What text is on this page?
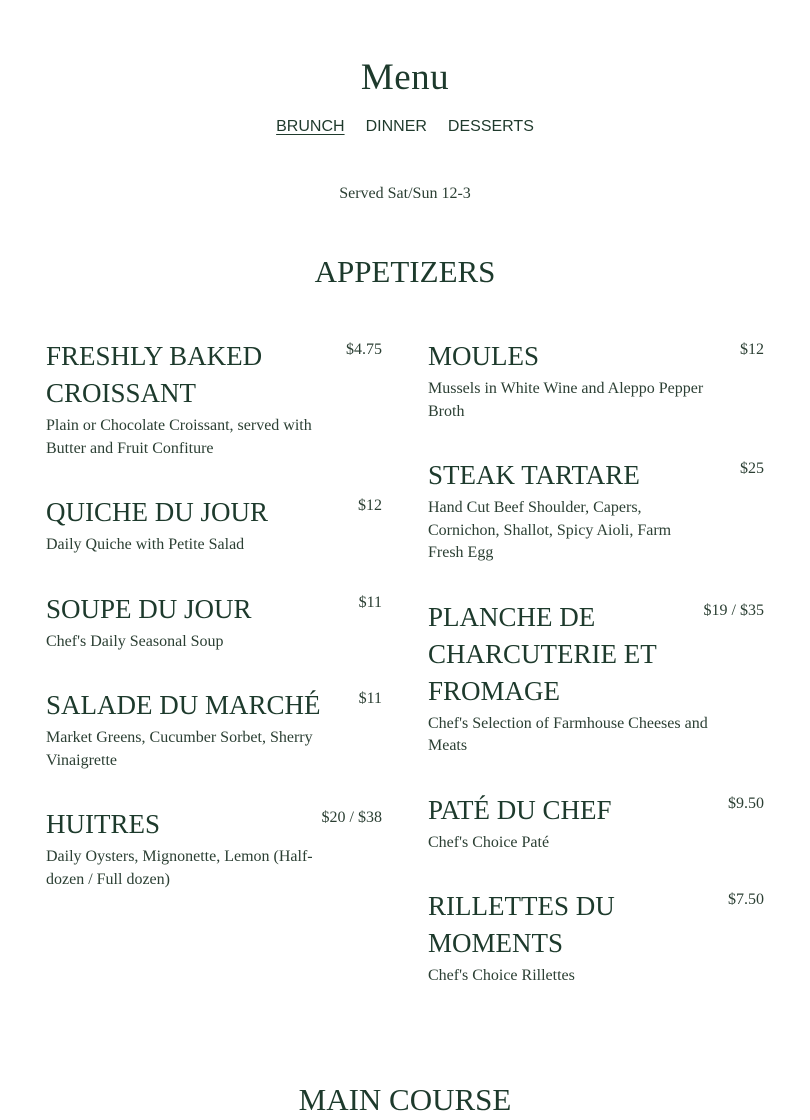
Menu
BRUNCH DINNER DESSERTS
Served Sat/Sun 12-3
APPETIZERS
FRESHLY BAKED CROISSANT
$4.75
Plain or Chocolate Croissant, served with Butter and Fruit Confiture
QUICHE DU JOUR	$12
Daily Quiche with Petite Salad
SOUPE DU JOUR	$11
Chef's Daily Seasonal Soup
SALADE DU MARCHÉ $11
Market Greens, Cucumber Sorbet, Sherry Vinaigrette
HUITRES	$20 / $38
Daily Oysters, Mignonette, Lemon (Half-dozen / Full dozen)
MOULES	$12
Mussels in White Wine and Aleppo Pepper Broth
STEAK TARTARE	$25
Hand Cut Beef Shoulder, Capers, Cornichon, Shallot, Spicy Aioli, Farm Fresh Egg
PLANCHE DE CHARCUTERIE ET FROMAGE
$19 / $35
Chef's Selection of Farmhouse Cheeses and Meats
PATÉ DU CHEF	$9.50
Chef's Choice Paté
RILLETTES DU MOMENTS
$7.50
Chef's Choice Rillettes
MAIN COURSE
